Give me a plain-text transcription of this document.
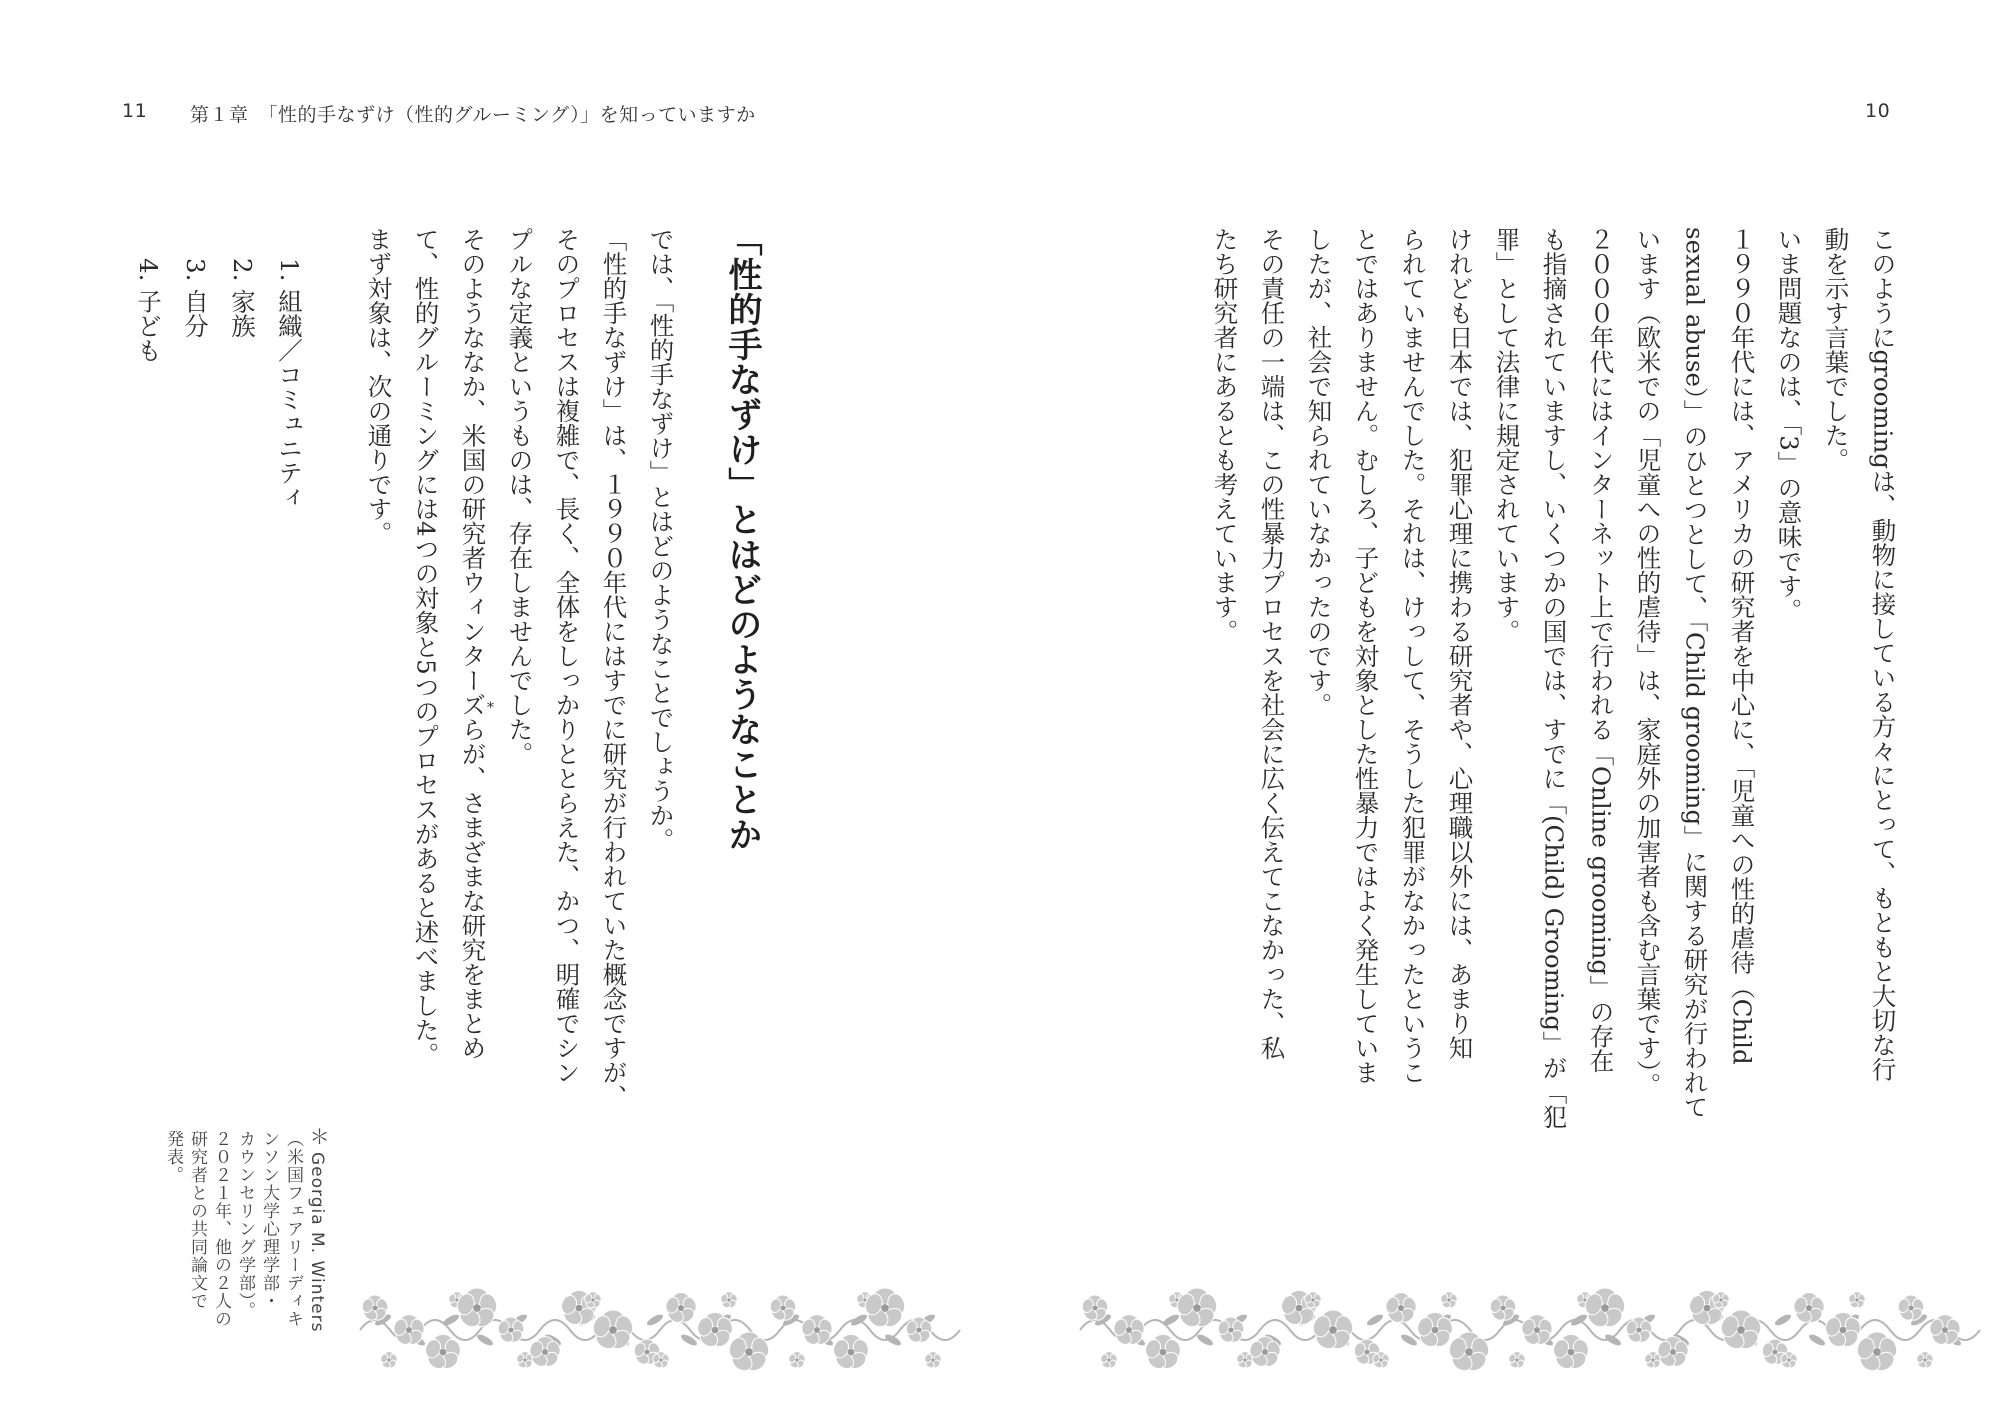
11 第１章　「性的手なずけ（性的グルーミング）」を知っていますか	10
このようにgroomingは、動物に接している方々にとって、もともと大切な行
動を示す言葉でした。
いま問題なのは、「3」の意味です。
１９９０年代には、アメリカの研究者を中心に、「児童への性的虐待（Child
sexual abuse）」のひとつとして、「Child grooming」に関する研究が行われて
います（欧米での「児童への性的虐待」は、家庭外の加害者も含む言葉です）。
２０００年代にはインターネット上で行われる「Online grooming」の存在
も指摘されていますし、いくつかの国では、すでに「(Child) Grooming」が「犯
罪」として法律に規定されています。
けれども日本では、犯罪心理に携わる研究者や、心理職以外には、あまり知
られていませんでした。それは、けっして、そうした犯罪がなかったというこ
とではありません。むしろ、子どもを対象とした性暴力ではよく発生していま
したが、社会で知られていなかったのです。
その責任の一端は、この性暴力プロセスを社会に広く伝えてこなかった、私
たち研究者にあるとも考えています。
「性的手なずけ」とはどのようなことか
では、「性的手なずけ」とはどのようなことでしょうか。
「性的手なずけ」は、１９９０年代にはすでに研究が行われていた概念ですが、
そのプロセスは複雑で、長く、全体をしっかりととらえた、かつ、明確でシン
プルな定義というものは、存在しませんでした。
そのようななか、米国の研究者ウィンターズらが、さまざまな研究をまとめ
て、性的グルーミングには4つの対象と5つのプロセスがあると述べました。
まず対象は、次の通りです。
*
1. 組織／コミュニティ
2. 家族
3. 自分
4. 子ども
＊
Georgia M. Winters
（米国フェアリーディキ
ンソン大学心理学部・
カウンセリング学部）。
２０２１年、他の２人の
研究者との共同論文で
発表。
